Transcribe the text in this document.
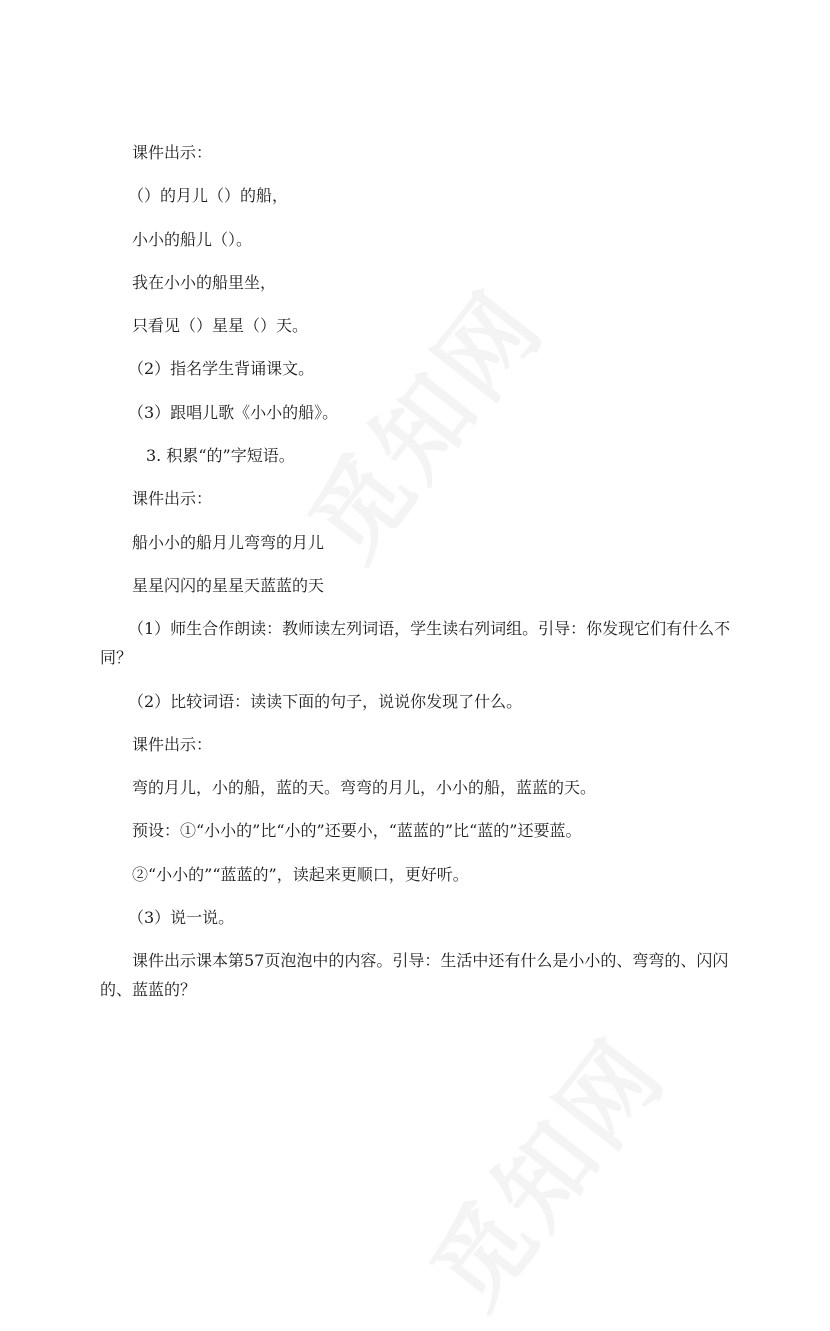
课件出示：
（）的月儿（）的船，
小小的船儿（）。
我在小小的船里坐，
只看见（）星星（）天。
（2）指名学生背诵课文。
（3）跟唱儿歌《小小的船》。
3. 积累“的”字短语。
课件出示：
船小小的船月儿弯弯的月儿
星星闪闪的星星天蓝蓝的天
（1）师生合作朗读：教师读左列词语，学生读右列词组。引导：你发现它们有什么不同？
（2）比较词语：读读下面的句子，说说你发现了什么。
课件出示：
弯的月儿，小的船，蓝的天。弯弯的月儿，小小的船，蓝蓝的天。
预设：①“小小的”比“小的”还要小，“蓝蓝的”比“蓝的”还要蓝。
②“小小的”“蓝蓝的”，读起来更顺口，更好听。
（3）说一说。
课件出示课本第57页泡泡中的内容。引导：生活中还有什么是小小的、弯弯的、闪闪的、蓝蓝的？
